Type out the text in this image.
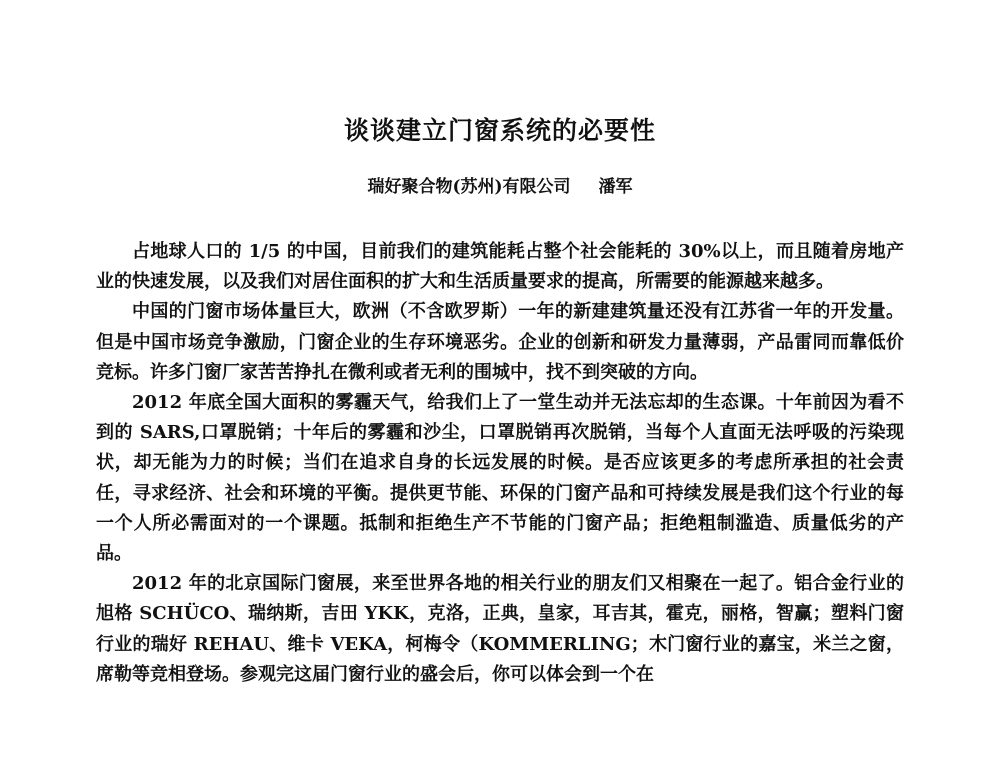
谈谈建立门窗系统的必要性
瑞好聚合物(苏州)有限公司 潘军

占地球人口的 1/5 的中国，目前我们的建筑能耗占整个社会能耗的 30%以上，而且随着房地产业的快速发展，以及我们对居住面积的扩大和生活质量要求的提高，所需要的能源越来越多。

中国的门窗市场体量巨大，欧洲（不含欧罗斯）一年的新建建筑量还没有江苏省一年的开发量。但是中国市场竞争激励，门窗企业的生存环境恶劣。企业的创新和研发力量薄弱，产品雷同而靠低价竞标。许多门窗厂家苦苦挣扎在微利或者无利的围城中，找不到突破的方向。

2012 年底全国大面积的雾霾天气，给我们上了一堂生动并无法忘却的生态课。十年前因为看不到的 SARS,口罩脱销；十年后的雾霾和沙尘，口罩脱销再次脱销，当每个人直面无法呼吸的污染现状，却无能为力的时候；当们在追求自身的长远发展的时候。是否应该更多的考虑所承担的社会责任，寻求经济、社会和环境的平衡。提供更节能、环保的门窗产品和可持续发展是我们这个行业的每一个人所必需面对的一个课题。抵制和拒绝生产不节能的门窗产品；拒绝粗制滥造、质量低劣的产品。

2012 年的北京国际门窗展，来至世界各地的相关行业的朋友们又相聚在一起了。铝合金行业的旭格 SCHÜCO、瑞纳斯，吉田 YKK，克洛，正典，皇家，耳吉其，霍克，丽格，智赢；塑料门窗行业的瑞好 REHAU、维卡 VEKA，柯梅令（KOMMERLING；木门窗行业的嘉宝，米兰之窗，席勒等竞相登场。参观完这届门窗行业的盛会后，你可以体会到一个在
